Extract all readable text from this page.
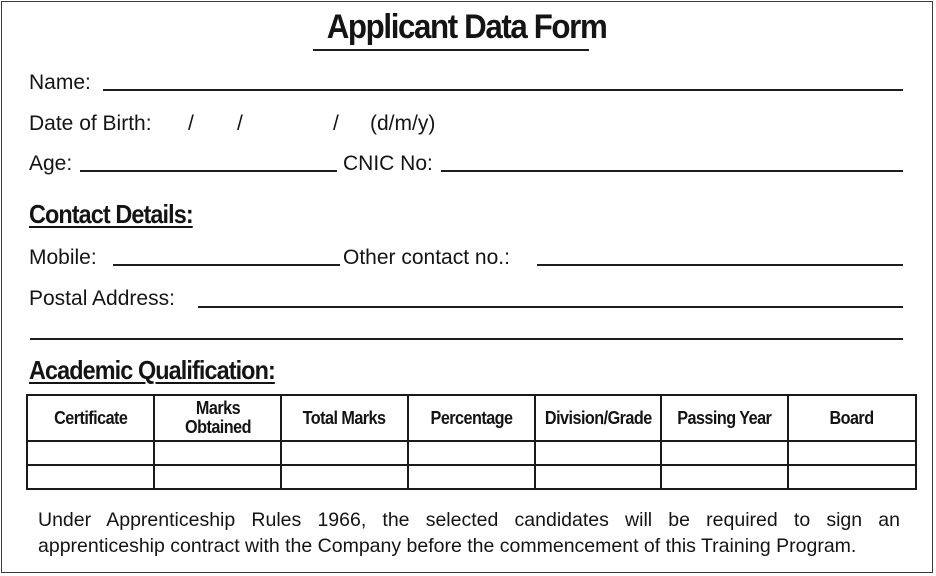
Applicant Data Form
Name:
Date of Birth: / /	/ (d/m/y)
Age:	CNIC No:
Contact Details:
Mobile:	Other contact no.:
Postal Address:
Academic Qualification:
Certificate	Marks Obtained	Total Marks	Percentage	Division/Grade	Passing Year	Board

Under Apprenticeship Rules 1966, the selected candidates will be required to sign an apprenticeship contract with the Company before the commencement of this Training Program.
